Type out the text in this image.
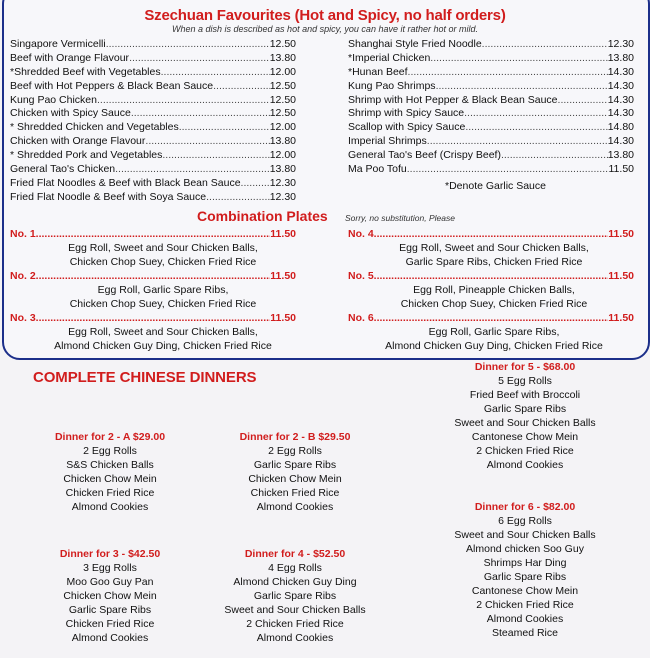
Szechuan Favourites (Hot and Spicy, no half orders)
When a dish is described as hot and spicy, you can have it rather hot or mild.
Singapore Vermicelli .....	12.50
Beef with Orange Flavour .....	13.80
*Shredded Beef with Vegetables .....	12.00
Beef with Hot Peppers & Black Bean Sauce .....	12.50
Kung Pao Chicken .....	12.50
Chicken with Spicy Sauce .....	12.50
* Shredded Chicken and Vegetables .....	12.00
Chicken with Orange Flavour .....	13.80
* Shredded Pork and Vegetables .....	12.00
General Tao's Chicken .....	13.80
Fried Flat Noodles & Beef with Black Bean Sauce .....	12.30
Fried Flat Noodle & Beef with Soya Sauce .....	12.30
Shanghai Style Fried Noodle .....	12.30
*Imperial Chicken .....	13.80
*Hunan Beef .....	14.30
Kung Pao Shrimps .....	14.30
Shrimp with Hot Pepper & Black Bean Sauce .....	14.30
Shrimp with Spicy Sauce .....	14.30
Scallop with Spicy Sauce .....	14.80
Imperial Shrimps .....	14.30
General Tao's Beef (Crispy Beef) .....	13.80
Ma Poo Tofu .....	11.50
*Denote Garlic Sauce
Combination Plates Sorry, no substitution, Please
No. 1 .....	11.50
Egg Roll, Sweet and Sour Chicken Balls,
Chicken Chop Suey, Chicken Fried Rice
No. 2 .....	11.50
Egg Roll, Garlic Spare Ribs,
Chicken Chop Suey, Chicken Fried Rice
No. 3 .....	11.50
Egg Roll, Sweet and Sour Chicken Balls,
Almond Chicken Guy Ding, Chicken Fried Rice
No. 4 .....	11.50
Egg Roll, Sweet and Sour Chicken Balls,
Garlic Spare Ribs, Chicken Fried Rice
No. 5 .....	11.50
Egg Roll, Pineapple Chicken Balls,
Chicken Chop Suey, Chicken Fried Rice
No. 6 .....	11.50
Egg Roll, Garlic Spare Ribs,
Almond Chicken Guy Ding, Chicken Fried Rice
COMPLETE CHINESE DINNERS
Dinner for 2 - A $29.00
2 Egg Rolls
S&S Chicken Balls
Chicken Chow Mein
Chicken Fried Rice
Almond Cookies
Dinner for 2 - B $29.50
2 Egg Rolls
Garlic Spare Ribs
Chicken Chow Mein
Chicken Fried Rice
Almond Cookies
Dinner for 3 - $42.50
3 Egg Rolls
Moo Goo Guy Pan
Chicken Chow Mein
Garlic Spare Ribs
Chicken Fried Rice
Almond Cookies
Dinner for 4 - $52.50
4 Egg Rolls
Almond Chicken Guy Ding
Garlic Spare Ribs
Sweet and Sour Chicken Balls
2 Chicken Fried Rice
Almond Cookies
Dinner for 5 - $68.00
5 Egg Rolls
Fried Beef with Broccoli
Garlic Spare Ribs
Sweet and Sour Chicken Balls
Cantonese Chow Mein
2 Chicken Fried Rice
Almond Cookies
Dinner for 6 - $82.00
6 Egg Rolls
Sweet and Sour Chicken Balls
Almond chicken Soo Guy
Shrimps Har Ding
Garlic Spare Ribs
Cantonese Chow Mein
2 Chicken Fried Rice
Almond Cookies
Steamed Rice
